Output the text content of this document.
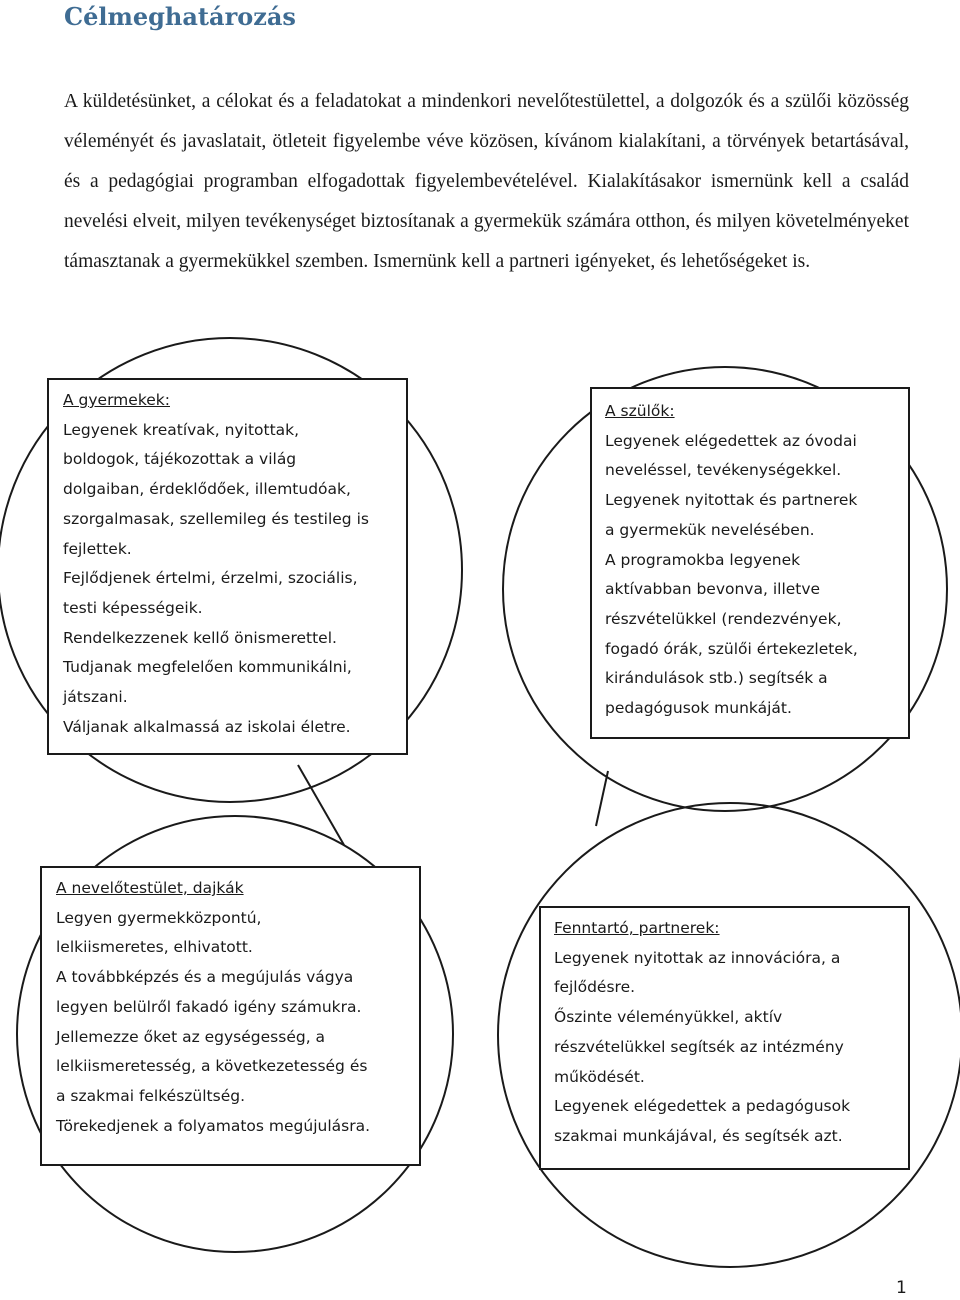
Célmeghatározás

A küldetésünket, a célokat és a feladatokat a mindenkori nevelőtestülettel, a dolgozók és a szülői közösség véleményét és javaslatait, ötleteit figyelembe véve közösen, kívánom kialakítani, a törvények betartásával, és a pedagógiai programban elfogadottak figyelembevételével. Kialakításakor ismernünk kell a család nevelési elveit, milyen tevékenységet biztosítanak a gyermekük számára otthon, és milyen követelményeket támasztanak a gyermekükkel szemben. Ismernünk kell a partneri igényeket, és lehetőségeket is.

A gyermekek:

Legyenek kreatívak, nyitottak,

boldogok, tájékozottak a világ

dolgaiban, érdeklődőek, illemtudóak,

szorgalmasak, szellemileg és testileg is

fejlettek.

Fejlődjenek értelmi, érzelmi, szociális,

testi képességeik.

Rendelkezzenek kellő önismerettel.

Tudjanak megfelelően kommunikálni,

játszani.

Váljanak alkalmassá az iskolai életre.

A szülők:

Legyenek elégedettek az óvodai

neveléssel, tevékenységekkel.

Legyenek nyitottak és partnerek

a gyermekük nevelésében.

A programokba legyenek

aktívabban bevonva, illetve

részvételükkel (rendezvények,

fogadó órák, szülői értekezletek,

kirándulások stb.) segítsék a

pedagógusok munkáját.

A nevelőtestület, dajkák

Legyen gyermekközpontú,

lelkiismeretes, elhivatott.

A továbbképzés és a megújulás vágya

legyen belülről fakadó igény számukra.

Jellemezze őket az egységesség, a

lelkiismeretesség, a következetesség és

a szakmai felkészültség.

Törekedjenek a folyamatos megújulásra.

Fenntartó, partnerek:

Legyenek nyitottak az innovációra, a

fejlődésre.

Őszinte véleményükkel, aktív

részvételükkel segítsék az intézmény

működését.

Legyenek elégedettek a pedagógusok

szakmai munkájával, és segítsék azt.

1
